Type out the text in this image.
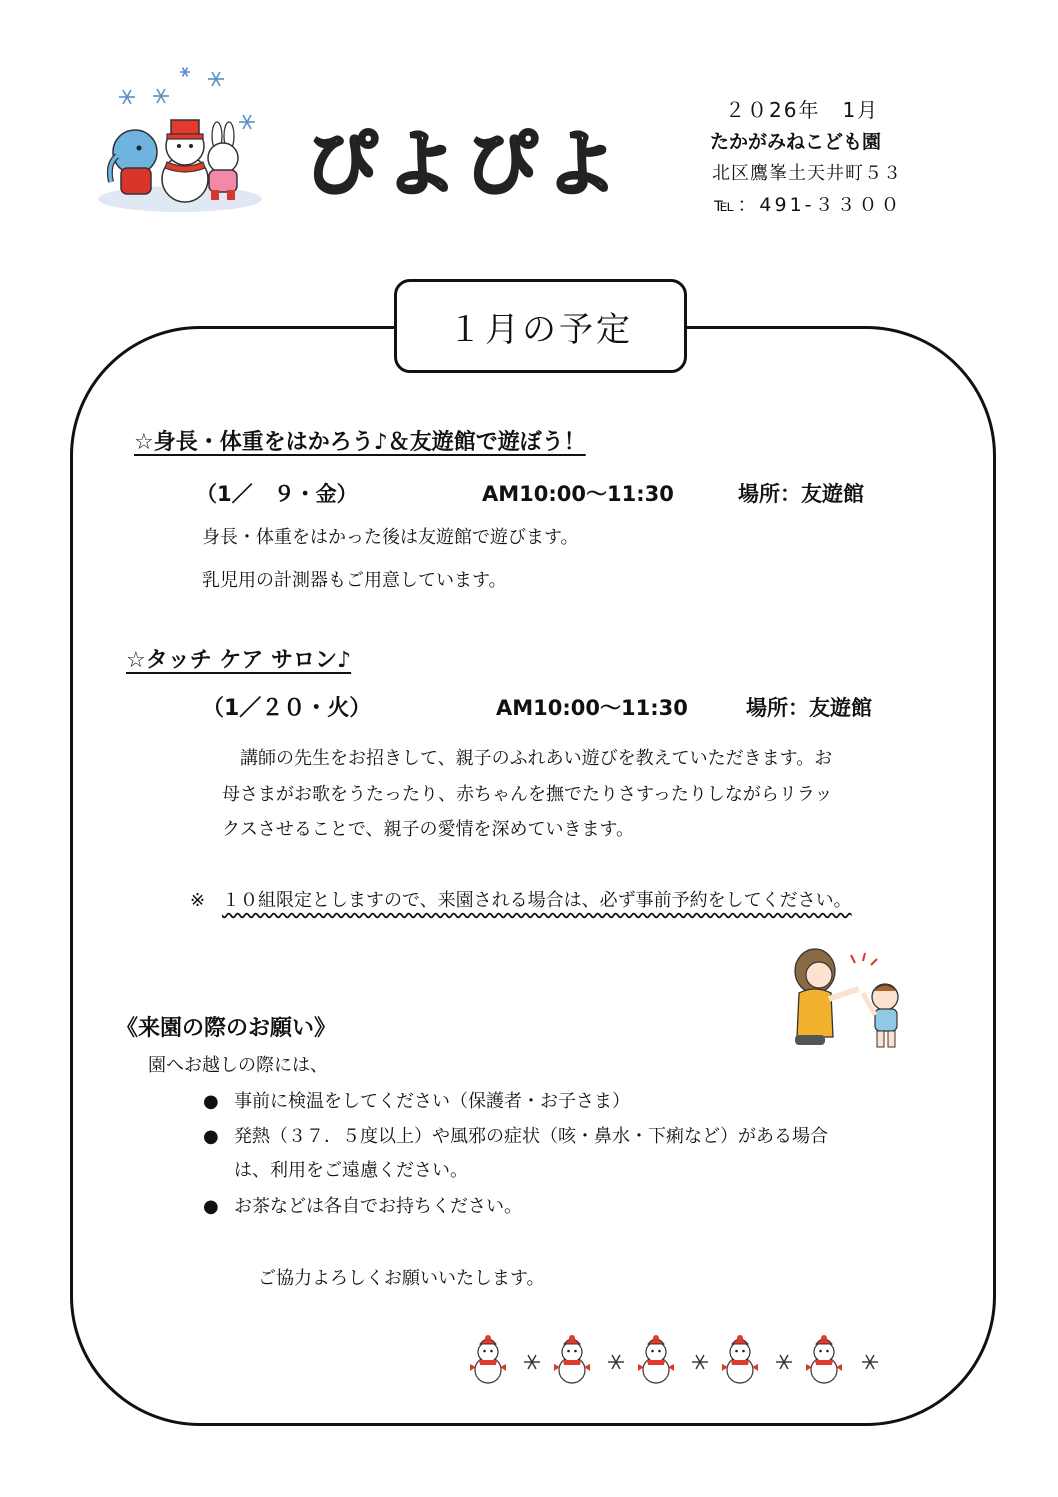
ぴよぴよ
２０26年　1月
たかがみねこども園
北区鷹峯土天井町５３
℡：491-３３００
１月の予定
☆身長・体重をはかろう♪＆友遊館で遊ぼう！
（1／　９・金）	AM10:00～11:30	場所：友遊館
身長・体重をはかった後は友遊館で遊びます。
乳児用の計測器もご用意しています。
☆タッチ ケア サロン♪
（1／２０・火）	AM10:00～11:30	場所：友遊館
　講師の先生をお招きして、親子のふれあい遊びを教えていただきます。お
母さまがお歌をうたったり、赤ちゃんを撫でたりさすったりしながらリラッ
クスさせることで、親子の愛情を深めていきます。
※ １０組限定としますので、来園される場合は、必ず事前予約をしてください。
《来園の際のお願い》
園へお越しの際には、
● 事前に検温をしてください（保護者・お子さま）
● 発熱（３７．５度以上）や風邪の症状（咳・鼻水・下痢など）がある場合
は、利用をご遠慮ください。
● お茶などは各自でお持ちください。
ご協力よろしくお願いいたします。
